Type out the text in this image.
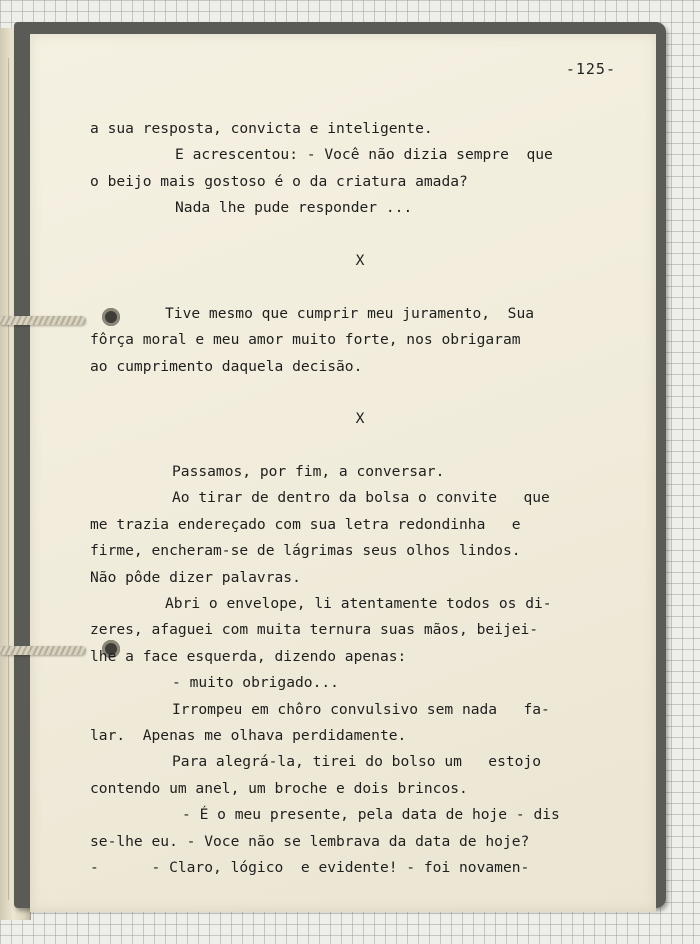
-125-

a sua resposta, convicta e inteligente.

E acrescentou: - Você não dizia sempre  que

o beijo mais gostoso é o da criatura amada?

Nada lhe pude responder ...

X

Tive mesmo que cumprir meu juramento,  Sua

fôrça moral e meu amor muito forte, nos obrigaram

ao cumprimento daquela decisão.

X

Passamos, por fim, a conversar.

Ao tirar de dentro da bolsa o convite   que

me trazia endereçado com sua letra redondinha   e

firme, encheram-se de lágrimas seus olhos lindos.

Não pôde dizer palavras.

Abri o envelope, li atentamente todos os di-

zeres, afaguei com muita ternura suas mãos, beijei-

lhe a face esquerda, dizendo apenas:

- muito obrigado...

Irrompeu em chôro convulsivo sem nada   fa-

lar.  Apenas me olhava perdidamente.

Para alegrá-la, tirei do bolso um   estojo

contendo um anel, um broche e dois brincos.

- É o meu presente, pela data de hoje - dis

se-lhe eu. - Voce não se lembrava da data de hoje?

-      - Claro, lógico  e evidente! - foi novamen-
